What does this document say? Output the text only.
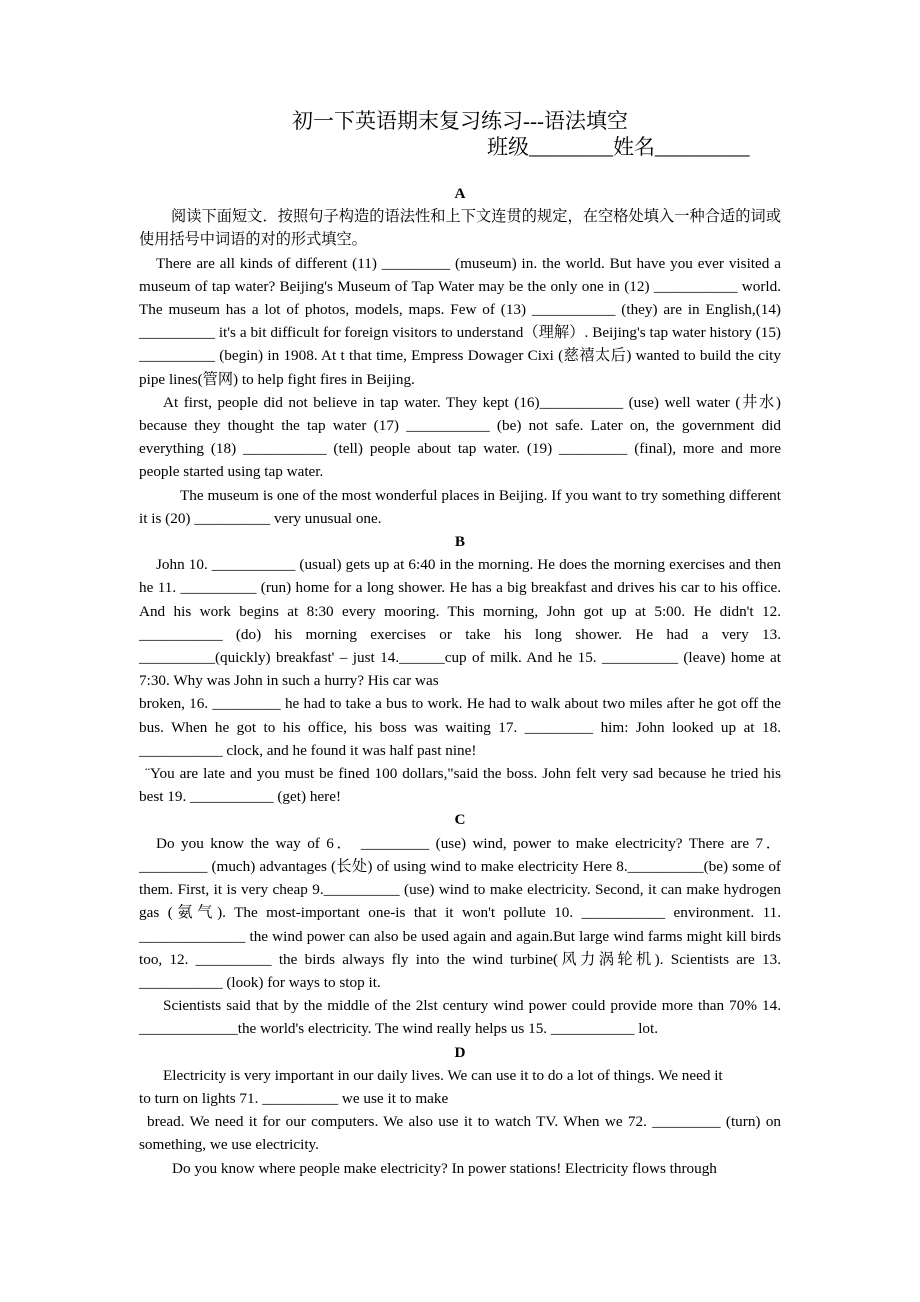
初一下英语期末复习练习---语法填空
班级________姓名_________
A

阅读下面短文．按照句子构造的语法性和上下文连贯的规定，在空格处填入一种合适的词或使用括号中词语的对的形式填空。

There are all kinds of different (11) _________ (museum) in. the world. But have you ever visited a museum of tap water? Beijing's Museum of Tap Water may be the only one in (12) ___________ world. The museum has a lot of photos, models, maps. Few of (13) ___________ (they) are in English,(14) __________ it's a bit difficult for foreign visitors to understand（理解）. Beijing's tap water history (15) __________ (begin) in 1908. At t that time, Empress Dowager Cixi (慈禧太后) wanted to build the city pipe lines(管网) to help fight fires in Beijing.

At first, people did not believe in tap water. They kept (16)___________ (use) well water (井水) because they thought the tap water (17) ___________ (be) not safe. Later on, the government did everything (18) ___________ (tell) people about tap water. (19) _________ (final), more and more people started using tap water.

The museum is one of the most wonderful places in Beijing. If you want to try something different it is (20) __________ very unusual one.

B

John 10. ___________ (usual) gets up at 6:40 in the morning. He does the morning exercises and then he 11. __________ (run) home for a long shower. He has a big breakfast and drives his car to his office. And his work begins at 8:30 every mooring. This morning, John got up at 5:00. He didn't 12. ___________ (do) his morning exercises or take his long shower. He had a very 13. __________(quickly) breakfast' – just 14.______cup of milk. And he 15. __________ (leave) home at 7:30. Why was John in such a hurry? His car was

broken, 16. _________ he had to take a bus to work. He had to walk about two miles after he got off the bus. When he got to his office, his boss was waiting 17. _________ him: John looked up at 18. ___________ clock, and he found it was half past nine!

¨You are late and you must be fined 100 dollars,"said the boss. John felt very sad because he tried his best 19. ___________ (get) here!

C

Do you know the way of 6． _________ (use) wind, power to make electricity? There are 7． _________ (much) advantages (长处) of using wind to make electricity Here 8.__________(be) some of them. First, it is very cheap 9.__________ (use) wind to make electricity. Second, it can make hydrogen gas (氨气). The most-important one-is that it won't pollute 10. ___________ environment. 11. ______________ the wind power can also be used again and again.But large wind farms might kill birds too, 12. __________ the birds always fly into the wind turbine(风力涡轮机). Scientists are 13. ___________ (look) for ways to stop it.

Scientists said that by the middle of the 2lst century wind power could provide more than 70% 14. _____________the world's electricity. The wind really helps us 15. ___________ lot.

D

Electricity is very important in our daily lives. We can use it to do a lot of things. We need it

to turn on lights 71. __________ we use it to make

bread. We need it for our computers. We also use it to watch TV. When we 72. _________ (turn) on something, we use electricity.

Do you know where people make electricity? In power stations! Electricity flows through
